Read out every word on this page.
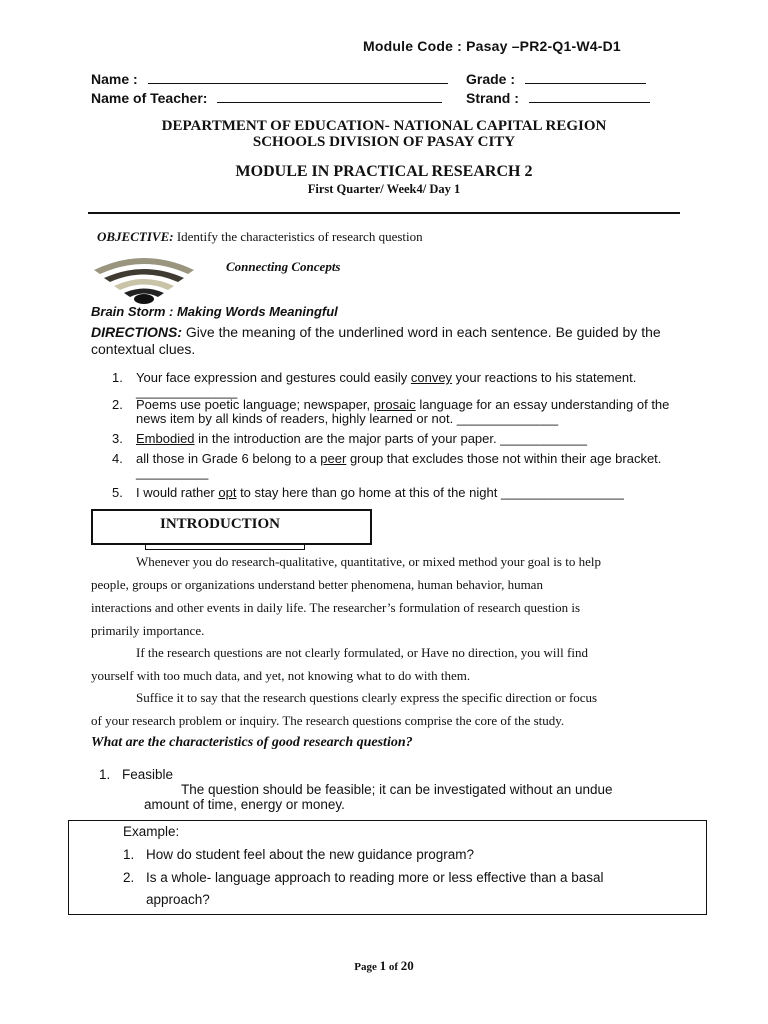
Module Code : Pasay –PR2-Q1-W4-D1
Name :	Grade :
Name of Teacher:	Strand :
DEPARTMENT OF EDUCATION- NATIONAL CAPITAL REGION
SCHOOLS DIVISION OF PASAY CITY
MODULE IN PRACTICAL RESEARCH 2
First Quarter/ Week4/ Day 1
OBJECTIVE: Identify the characteristics of research question
Connecting Concepts
Brain Storm : Making Words Meaningful
DIRECTIONS: Give the meaning of the underlined word in each sentence. Be guided by the contextual clues.
1. Your face expression and gestures could easily convey your reactions to his statement.
______________
2. Poems use poetic language; newspaper, prosaic language for an essay understanding of the news item by all kinds of readers, highly learned or not. ______________
3. Embodied in the introduction are the major parts of your paper. ____________
4. all those in Grade 6 belong to a peer group that excludes those not within their age bracket.
__________
5. I would rather opt to stay here than go home at this of the night _________________
INTRODUCTION
Whenever you do research-qualitative, quantitative, or mixed method your goal is to help
people, groups or organizations understand better phenomena, human behavior, human
interactions and other events in daily life. The researcher’s formulation of research question is
primarily importance.
If the research questions are not clearly formulated, or Have no direction, you will find
yourself with too much data, and yet, not knowing what to do with them.
Suffice it to say that the research questions clearly express the specific direction or focus
of your research problem or inquiry. The research questions comprise the core of the study.
What are the characteristics of good research question?
1. Feasible
The question should be feasible; it can be investigated without an undue
amount of time, energy or money.
Example:
1. How do student feel about the new guidance program?
2. Is a whole- language approach to reading more or less effective than a basal
approach?
Page 1 of 20
